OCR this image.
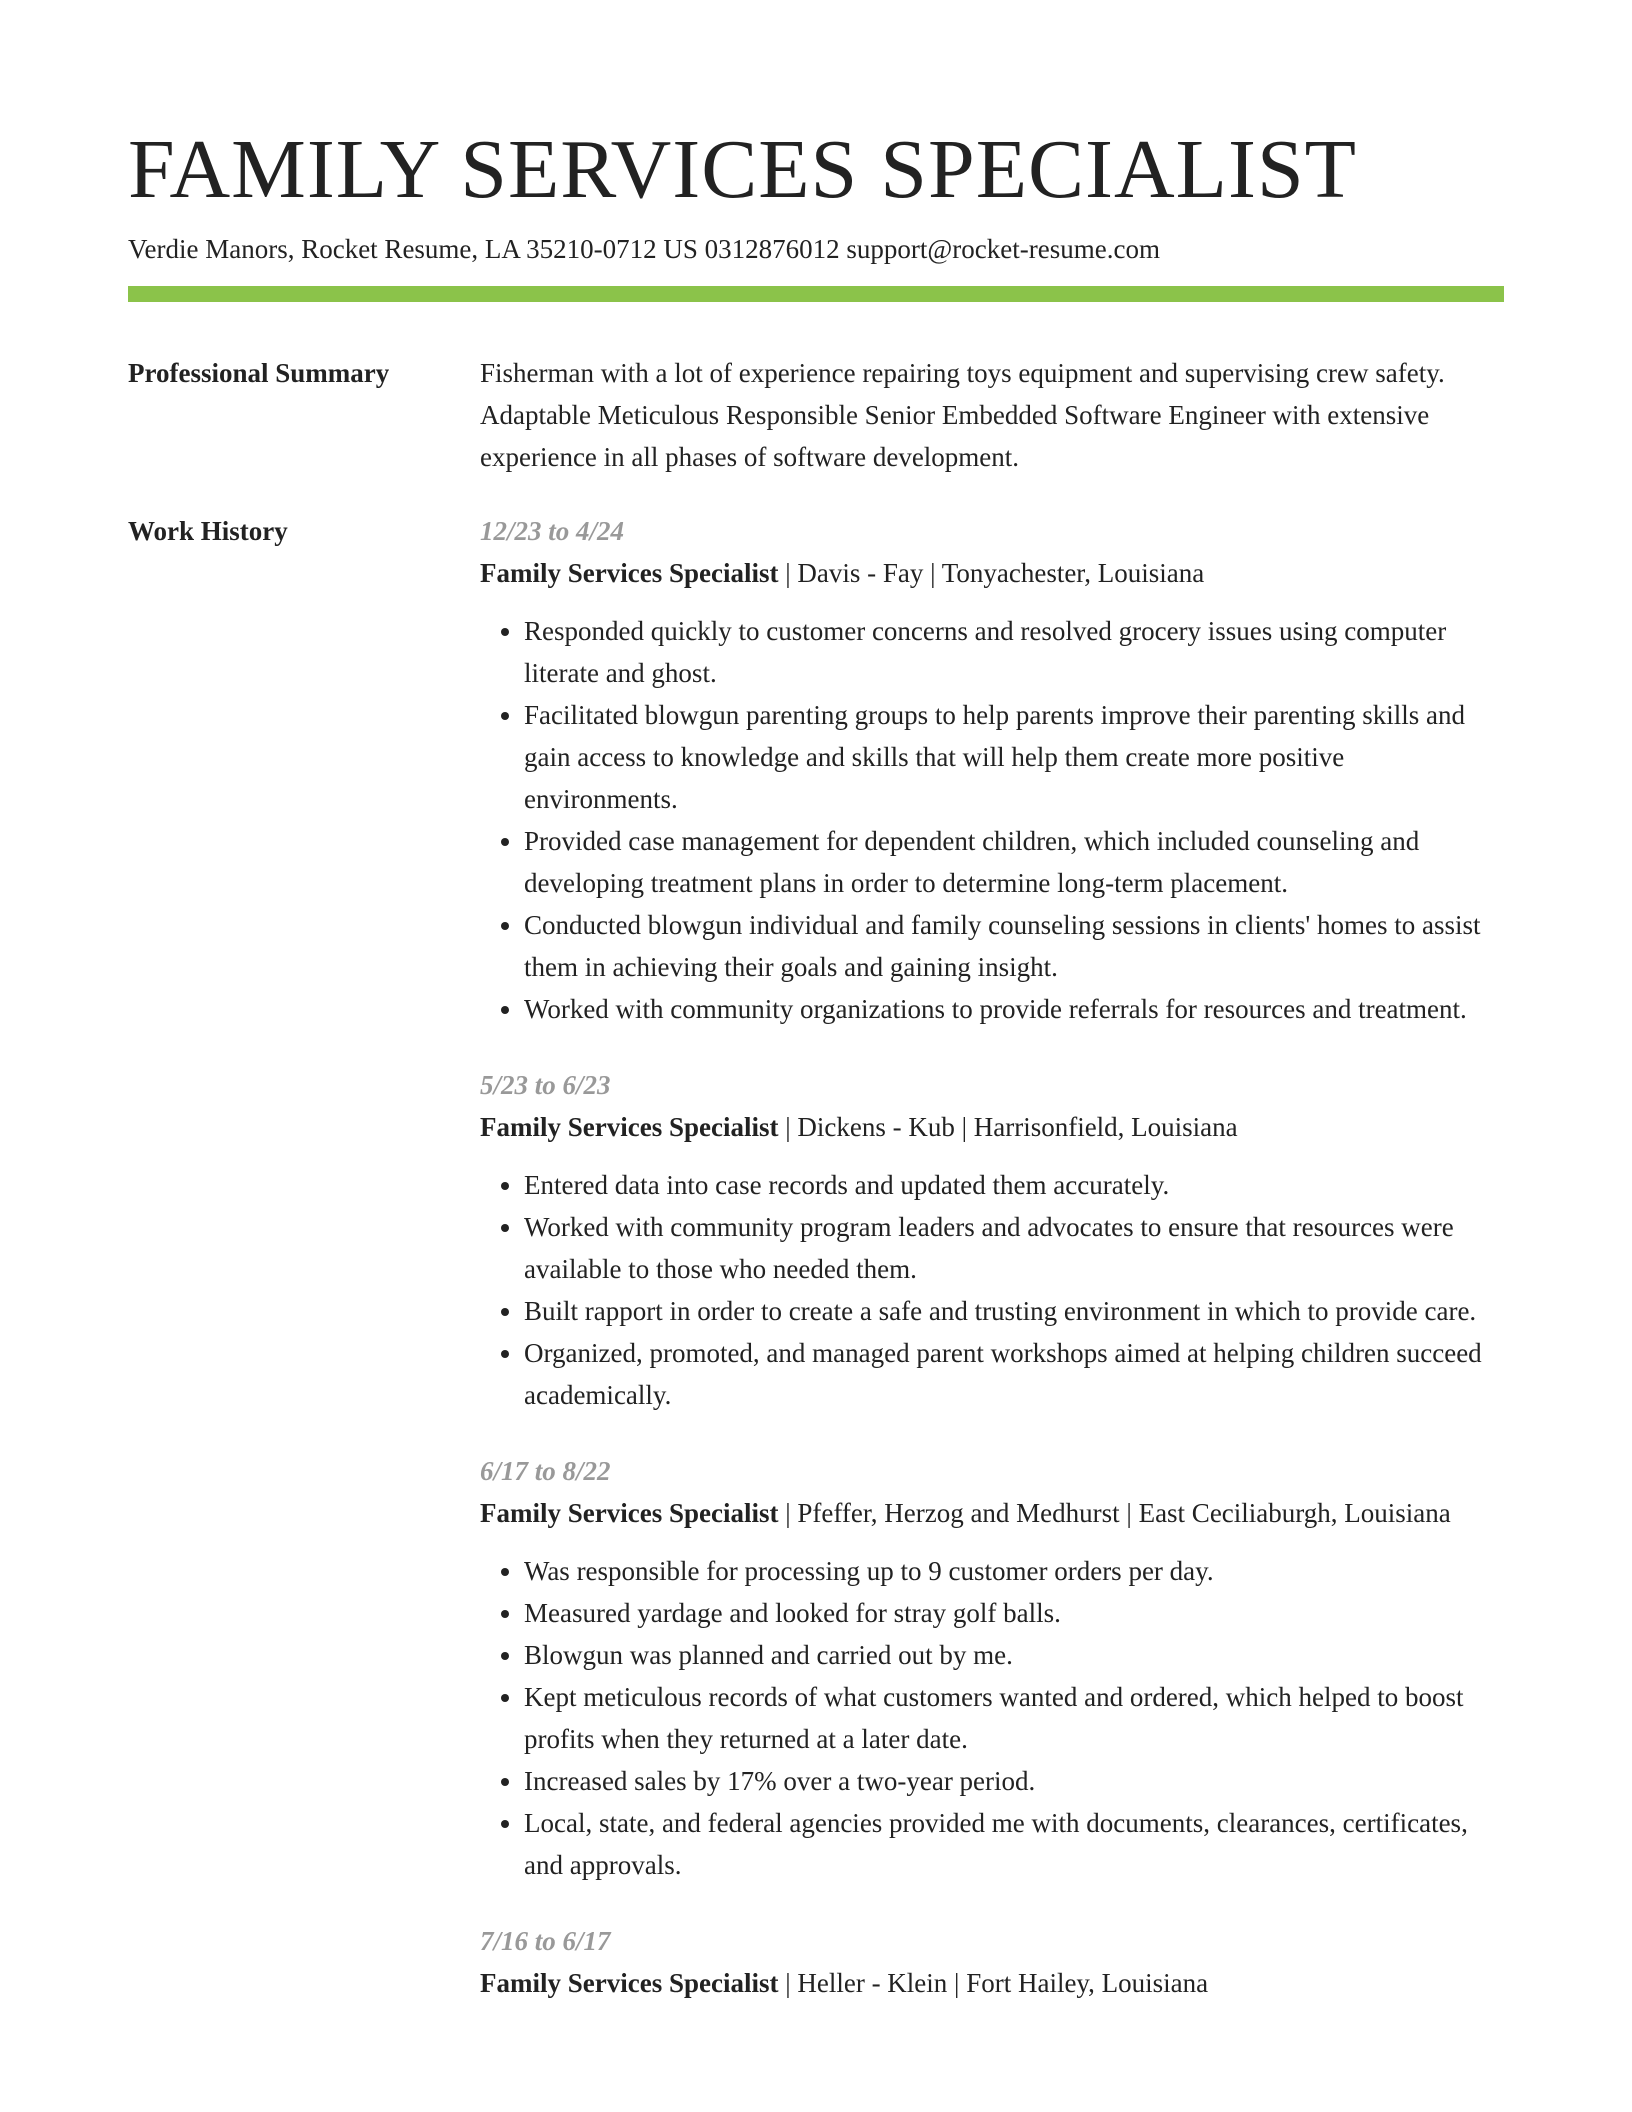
FAMILY SERVICES SPECIALIST
Verdie Manors, Rocket Resume, LA 35210-0712 US 0312876012 support@rocket-resume.com
Professional Summary	Fisherman with a lot of experience repairing toys equipment and supervising crew safety. Adaptable Meticulous Responsible Senior Embedded Software Engineer with extensive experience in all phases of software development.
Work History	12/23 to 4/24
Family Services Specialist | Davis - Fay | Tonyachester, Louisiana
• Responded quickly to customer concerns and resolved grocery issues using computer literate and ghost.
• Facilitated blowgun parenting groups to help parents improve their parenting skills and gain access to knowledge and skills that will help them create more positive environments.
• Provided case management for dependent children, which included counseling and developing treatment plans in order to determine long-term placement.
• Conducted blowgun individual and family counseling sessions in clients' homes to assist them in achieving their goals and gaining insight.
• Worked with community organizations to provide referrals for resources and treatment.
5/23 to 6/23
Family Services Specialist | Dickens - Kub | Harrisonfield, Louisiana
• Entered data into case records and updated them accurately.
• Worked with community program leaders and advocates to ensure that resources were available to those who needed them.
• Built rapport in order to create a safe and trusting environment in which to provide care.
• Organized, promoted, and managed parent workshops aimed at helping children succeed academically.
6/17 to 8/22
Family Services Specialist | Pfeffer, Herzog and Medhurst | East Ceciliaburgh, Louisiana
• Was responsible for processing up to 9 customer orders per day.
• Measured yardage and looked for stray golf balls.
• Blowgun was planned and carried out by me.
• Kept meticulous records of what customers wanted and ordered, which helped to boost profits when they returned at a later date.
• Increased sales by 17% over a two-year period.
• Local, state, and federal agencies provided me with documents, clearances, certificates, and approvals.
7/16 to 6/17
Family Services Specialist | Heller - Klein | Fort Hailey, Louisiana
